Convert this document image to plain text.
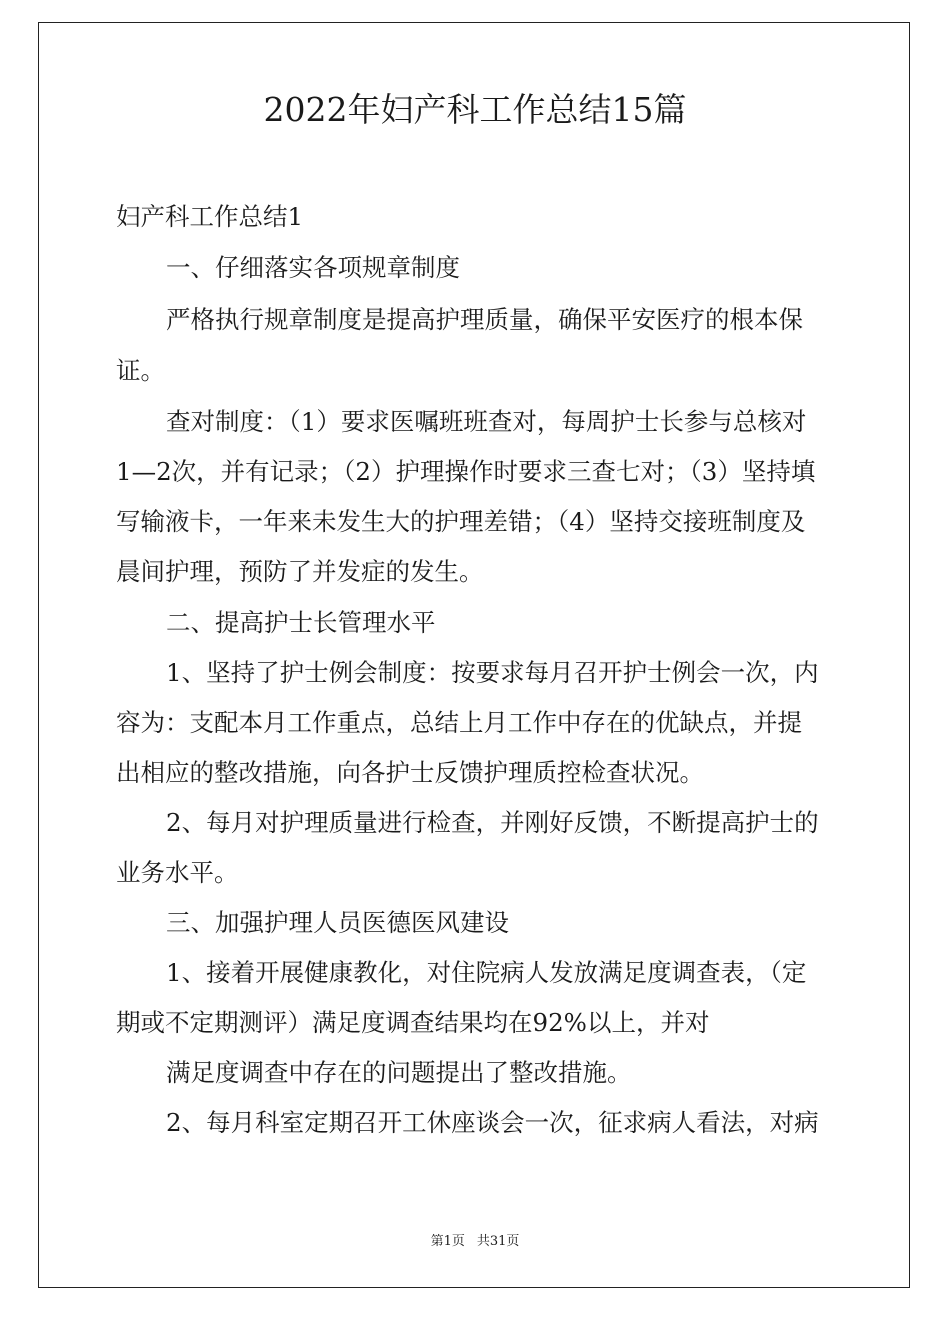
2022年妇产科工作总结15篇
妇产科工作总结1
一、仔细落实各项规章制度
严格执行规章制度是提高护理质量，确保平安医疗的根本保
证。
查对制度：（1）要求医嘱班班查对，每周护士长参与总核对
1—2次，并有记录；（2）护理操作时要求三查七对；（3）坚持填
写输液卡，一年来未发生大的护理差错；（4）坚持交接班制度及
晨间护理，预防了并发症的发生。
二、提高护士长管理水平
1、坚持了护士例会制度：按要求每月召开护士例会一次，内
容为：支配本月工作重点，总结上月工作中存在的优缺点，并提
出相应的整改措施，向各护士反馈护理质控检查状况。
2、每月对护理质量进行检查，并刚好反馈，不断提高护士的
业务水平。
三、加强护理人员医德医风建设
1、接着开展健康教化，对住院病人发放满足度调查表，（定
期或不定期测评）满足度调查结果均在92%以上，并对
满足度调查中存在的问题提出了整改措施。
2、每月科室定期召开工休座谈会一次，征求病人看法，对病
第1页 共31页
